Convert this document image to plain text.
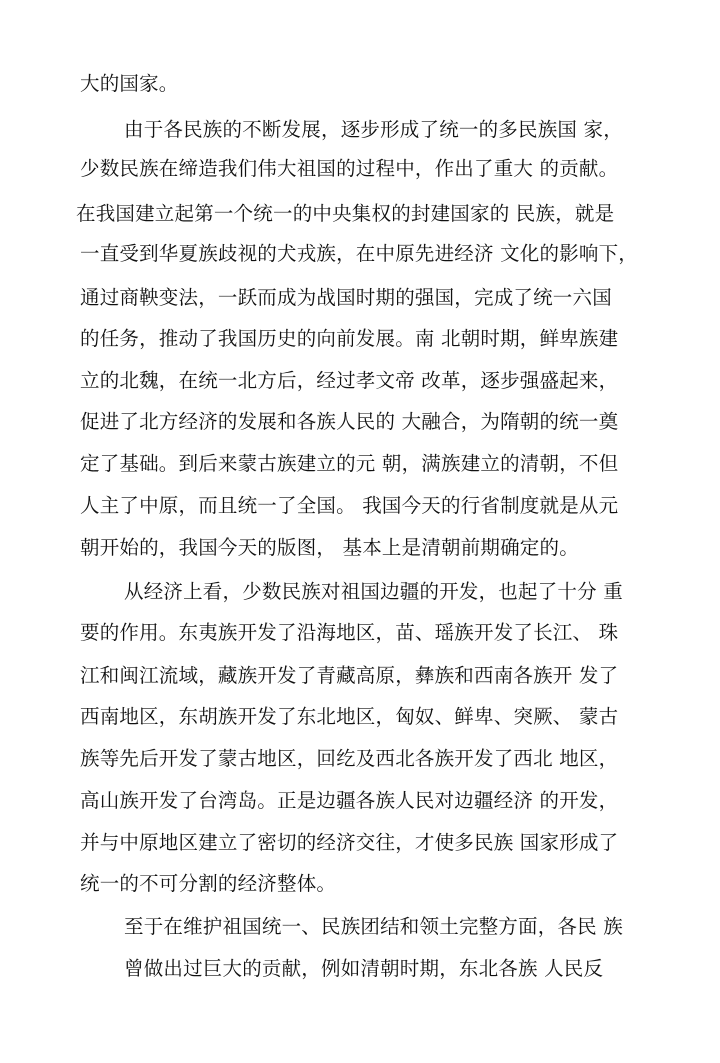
大的国家。

由于各民族的不断发展，逐步形成了统一的多民族国 家，

少数民族在缔造我们伟大祖国的过程中，作出了重大 的贡献。

在我国建立起第一个统一的中央集权的封建国家的 民族，就是

一直受到华夏族歧视的犬戎族，在中原先进经济 文化的影响下，

通过商鞅变法，一跃而成为战国时期的强国，完成了统一六国

的任务，推动了我国历史的向前发展。南 北朝时期，鲜卑族建

立的北魏，在统一北方后，经过孝文帝 改革，逐步强盛起来，

促进了北方经济的发展和各族人民的 大融合，为隋朝的统一奠

定了基础。到后来蒙古族建立的元 朝，满族建立的清朝，不但

人主了中原，而且统一了全国。 我国今天的行省制度就是从元

朝开始的，我国今天的版图， 基本上是清朝前期确定的。

从经济上看，少数民族对祖国边疆的开发，也起了十分 重

要的作用。东夷族开发了沿海地区，苗、瑶族开发了长江、 珠

江和闽江流域，藏族开发了青藏高原，彝族和西南各族开 发了

西南地区，东胡族开发了东北地区，匈奴、鲜卑、突厥、 蒙古

族等先后开发了蒙古地区，回纥及西北各族开发了西北 地区，

高山族开发了台湾岛。正是边疆各族人民对边疆经济 的开发，

并与中原地区建立了密切的经济交往，才使多民族 国家形成了

统一的不可分割的经济整体。

至于在维护祖国统一、民族团结和领土完整方面，各民 族

曾做出过巨大的贡献，例如清朝时期，东北各族 人民反
